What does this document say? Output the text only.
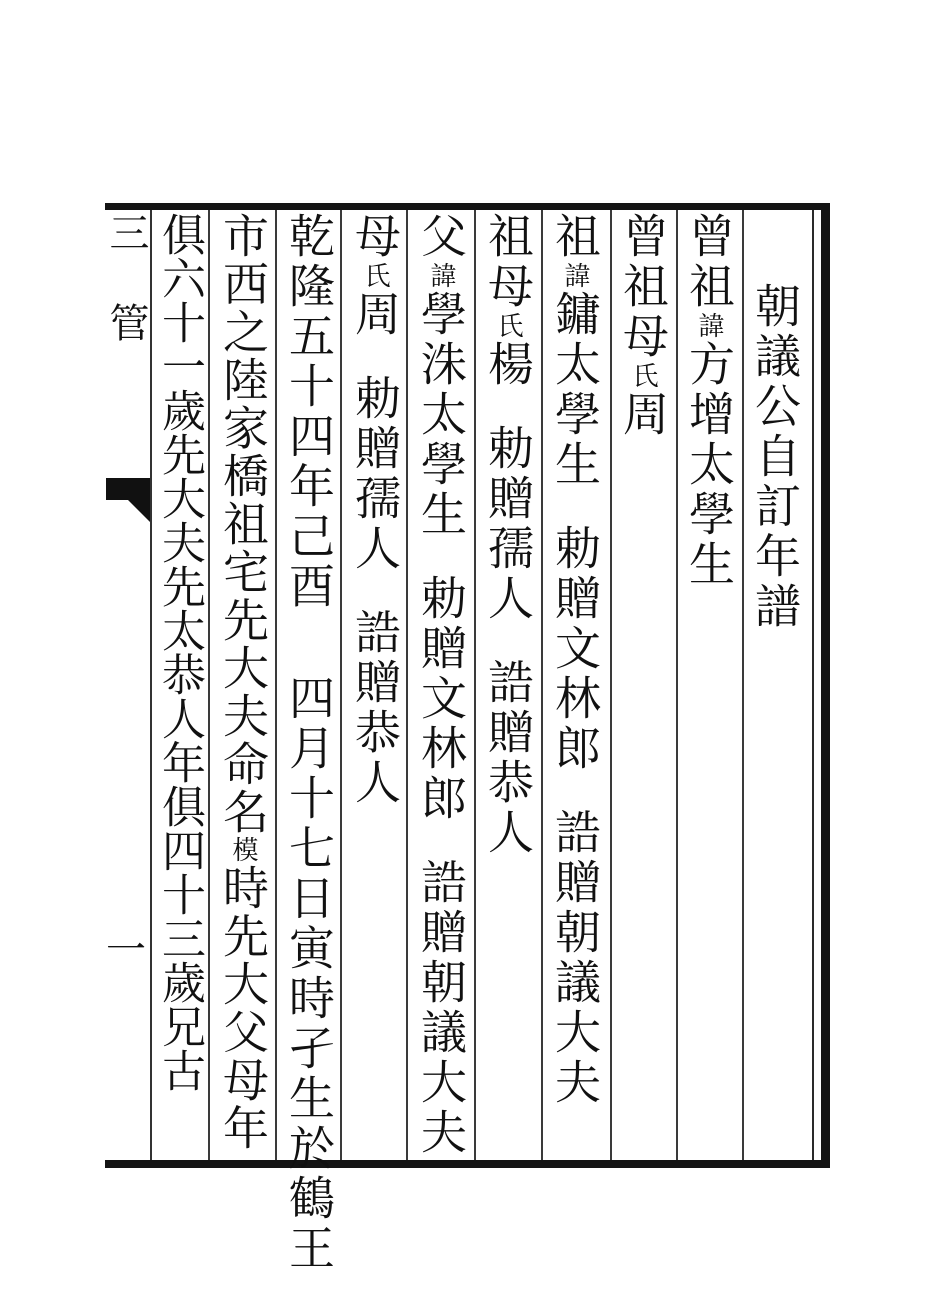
三 管
一
朝議公自訂年譜
曾祖諱方增太學生
曾祖母氏周
祖諱鏞太學生勅贈文林郎誥贈朝議大夫
祖母氏楊勅贈孺人誥贈恭人
父諱學洙太學生勅贈文林郎誥贈朝議大夫
母氏周勅贈孺人誥贈恭人
乾隆五十四年己酉四月十七日寅時孑生於鶴王
市西之陸家橋祖宅先大夫命名模時先大父母年
俱六十一歲先大夫先太恭人年俱四十三歲兄古
